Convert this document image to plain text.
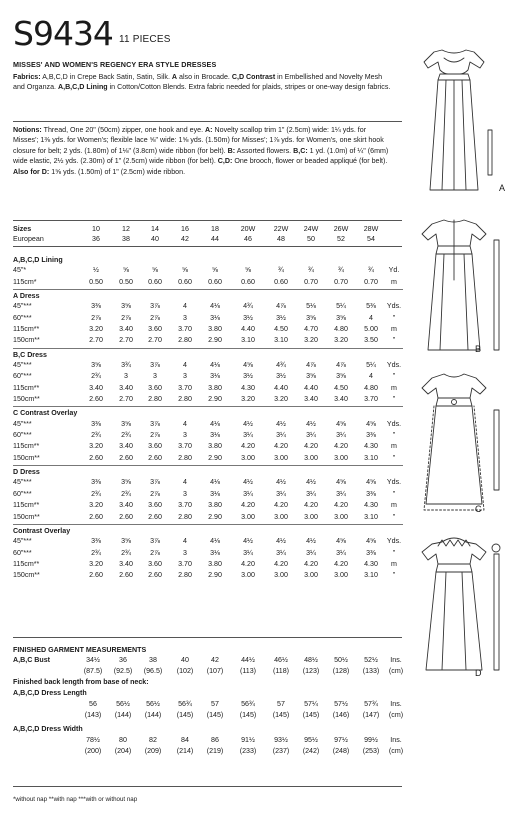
S9434 11 PIECES
MISSES' AND WOMEN'S REGENCY ERA STYLE DRESSES
Fabrics: A,B,C,D in Crepe Back Satin, Satin, Silk. A also in Brocade. C,D Contrast in Embellished and Novelty Mesh and Organza. A,B,C,D Lining in Cotton/Cotton Blends. Extra fabric needed for plaids, stripes or one-way design fabrics.
Notions: Thread, One 20" (50cm) zipper, one hook and eye. A: Novelty scallop trim 1" (2.5cm) wide: 1¼ yds. for Misses'; 1⅜ yds. for Women's; flexible lace ⅝" wide: 1⅝ yds. (1.50m) for Misses'; 1⅞ yds. for Women's, one skirt hook closure for belt; 2 yds. (1.80m) of 1⅛" (3.8cm) wide ribbon (for belt). B: Assorted flowers. B,C: 1 yd. (1.0m) of ¼" (6mm) wide elastic, 2½ yds. (2.30m) of 1" (2.5cm) wide ribbon (for belt). C,D: One brooch, flower or beaded appliqué (for belt). Also for D: 1⅝ yds. (1.50m) of 1" (2.5cm) wide ribbon.
Sizes	10	12	14	16	18	20W	22W	24W	26W	28W
European	36	38	40	42	44	46	48	50	52	54
A,B,C,D Lining
45"*	½	⅝	⅝	⅝	⅝	⅝	¾	¾	¾	¾	Yd.
115cm*	0.50	0.50	0.60	0.60	0.60	0.60	0.60	0.70	0.70	0.70	m
A Dress
45"***	3⅜	3⅝	3⅞	4	4⅛	4¾	4⅞	5⅛	5¼	5⅜	Yds.
60"***	2⅞	2⅞	2⅞	3	3⅛	3½	3½	3⅝	3⅝	4	"
115cm**	3.20	3.40	3.60	3.70	3.80	4.40	4.50	4.70	4.80	5.00	m
150cm**	2.70	2.70	2.70	2.80	2.90	3.10	3.10	3.20	3.20	3.50	"
B,C Dress
45"***	3⅝	3¾	3⅞	4	4⅛	4⅝	4¾	4⅞	4⅞	5¼	Yds.
60"***	2¾	3	3	3	3⅛	3½	3½	3⅝	3⅝	4	"
115cm**	3.40	3.40	3.60	3.70	3.80	4.30	4.40	4.40	4.50	4.80	m
150cm**	2.60	2.70	2.80	2.80	2.90	3.20	3.20	3.40	3.40	3.70	"
C Contrast Overlay
45"***	3⅜	3⅝	3⅞	4	4⅛	4½	4½	4½	4⅝	4⅝	Yds.
60"***	2¾	2¾	2⅞	3	3⅛	3¼	3¼	3¼	3¼	3⅜	"
115cm**	3.20	3.40	3.60	3.70	3.80	4.20	4.20	4.20	4.20	4.30	m
150cm**	2.60	2.60	2.60	2.80	2.90	3.00	3.00	3.00	3.00	3.10	"
D Dress
45"***	3⅜	3⅝	3⅞	4	4⅛	4½	4½	4½	4⅝	4⅝	Yds.
60"***	2¾	2¾	2⅞	3	3⅛	3¼	3¼	3¼	3¼	3⅜	"
115cm**	3.20	3.40	3.60	3.70	3.80	4.20	4.20	4.20	4.20	4.30	m
150cm**	2.60	2.60	2.60	2.80	2.90	3.00	3.00	3.00	3.00	3.10	"
Contrast Overlay
45"***	3⅜	3⅝	3⅞	4	4⅛	4½	4½	4½	4⅝	4⅝	Yds.
60"***	2¾	2¾	2⅞	3	3⅛	3¼	3¼	3¼	3¼	3⅜	"
115cm**	3.20	3.40	3.60	3.70	3.80	4.20	4.20	4.20	4.20	4.30	m
150cm**	2.60	2.60	2.60	2.80	2.90	3.00	3.00	3.00	3.00	3.10	"
FINISHED GARMENT MEASUREMENTS
A,B,C Bust	34½	36	38	40	42	44½	46½	48½	50½	52½	Ins.
(87.5)	(92.5)	(96.5)	(102)	(107)	(113)	(118)	(123)	(128)	(133)	(cm)
Finished back length from base of neck:
A,B,C,D Dress Length
56	56½	56½	56¾	57	56¾	57	57¼	57½	57¾	Ins.
(143)	(144)	(144)	(145)	(145)	(145)	(145)	(145)	(146)	(147)	(cm)
A,B,C,D Dress Width
78½	80	82	84	86	91½	93½	95½	97½	99½	Ins.
(200)	(204)	(209)	(214)	(219)	(233)	(237)	(242)	(248)	(253)	(cm)
*without nap **with nap ***with or without nap
A
B
C
D
